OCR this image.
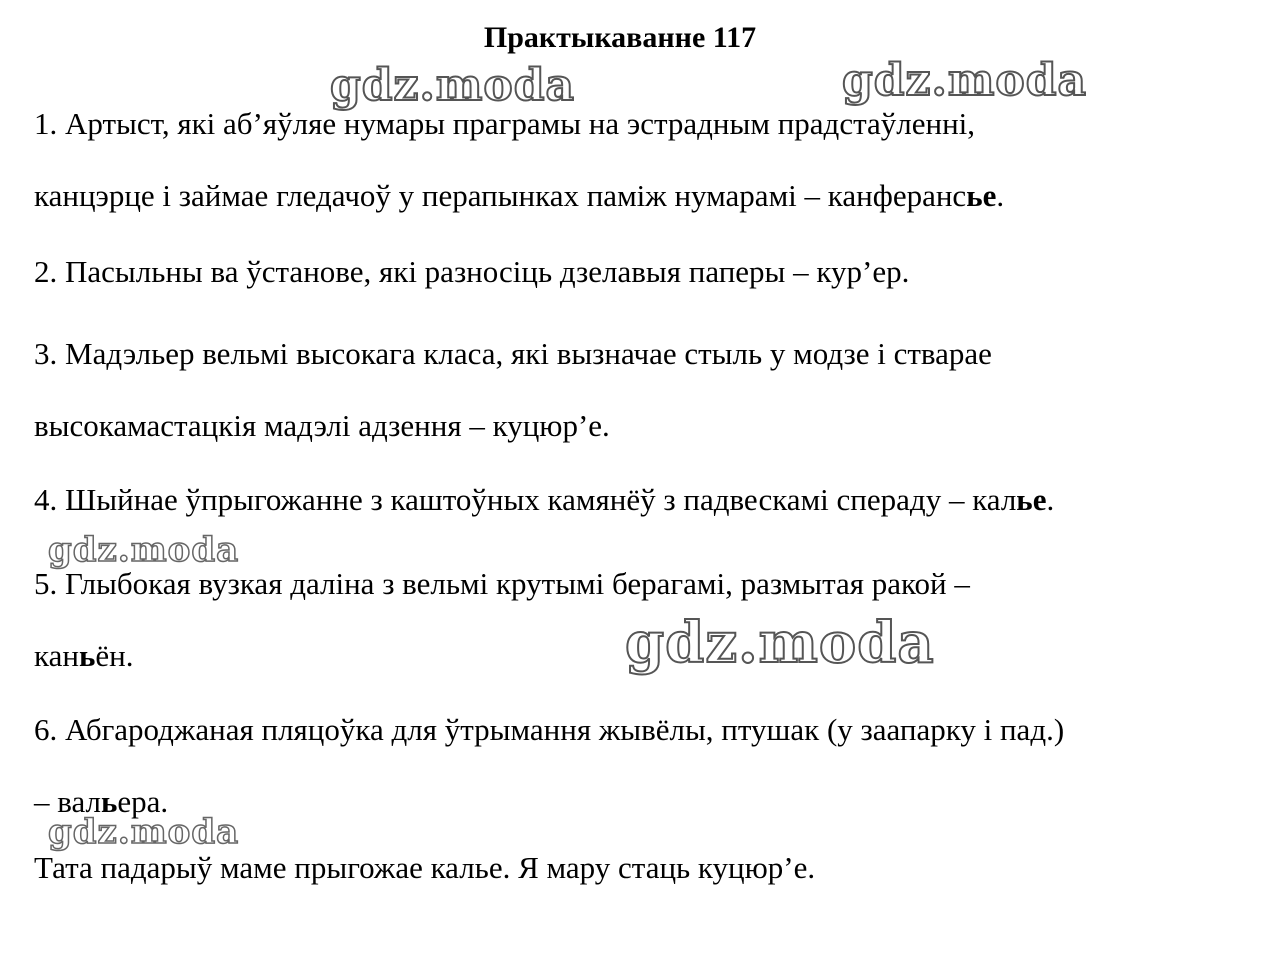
Практыкаванне 117
gdz.moda	gdz.moda
gdz.moda
gdz.moda
gdz.moda
1. Артыст, які аб’яўляе нумары праграмы на эстрадным прадстаўленні,
канцэрце і займае гледачоў у перапынках паміж нумарамі – канферансье.
2. Пасыльны ва ўстанове, які разносіць дзелавыя паперы – кур’ер.
3. Мадэльер вельмі высокага класа, які вызначае стыль у модзе і стварае
высокамастацкія мадэлі адзення – куцюр’е.
4. Шыйнае ўпрыгожанне з каштоўных камянёў з падвескамі спераду – калье.
5. Глыбокая вузкая даліна з вельмі крутымі берагамі, размытая ракой –
каньён.
6. Абгароджаная пляцоўка для ўтрымання жывёлы, птушак (у заапарку і пад.)
– вальера.
Тата падарыў маме прыгожае кальe. Я мару стаць куцюр’е.
